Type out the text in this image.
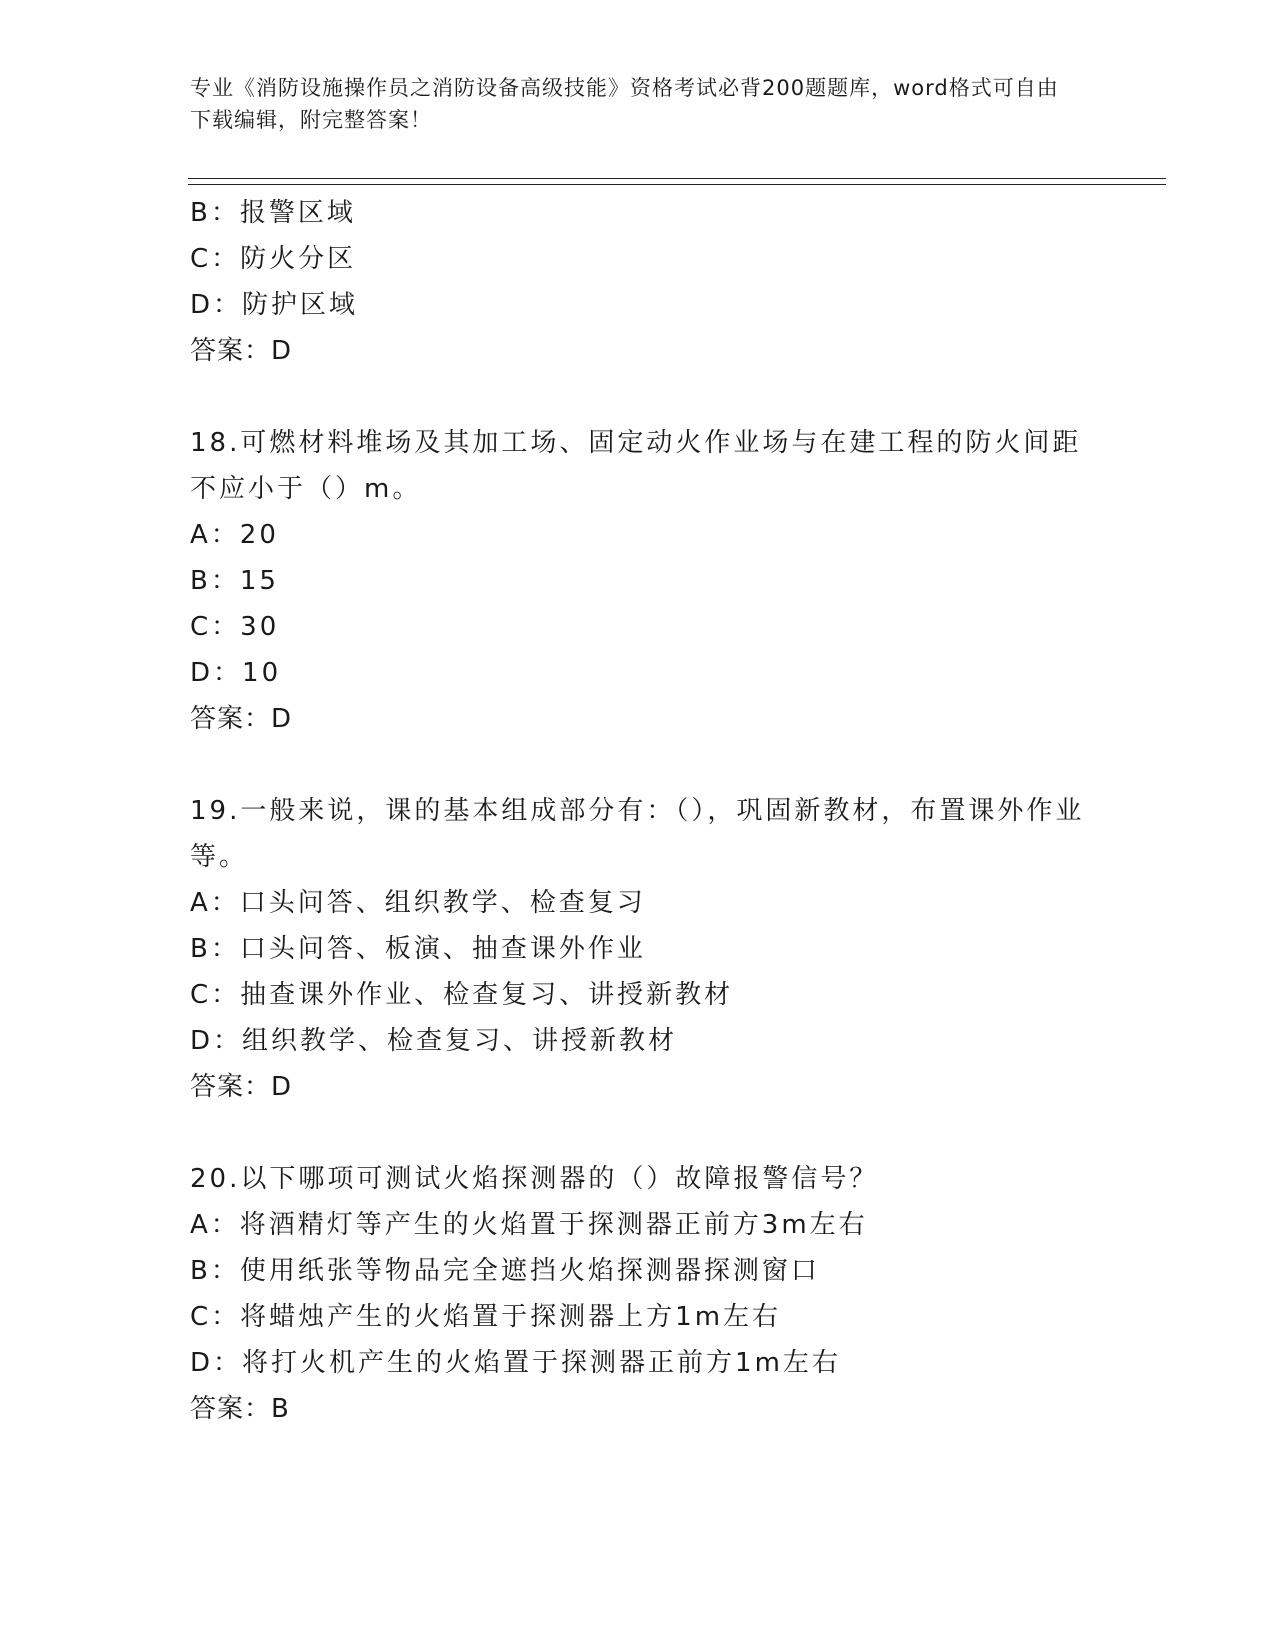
专业《消防设施操作员之消防设备高级技能》资格考试必背200题题库，word格式可自由下载编辑，附完整答案！
B：报警区域
C：防火分区
D：防护区域
答案：D
18.可燃材料堆场及其加工场、固定动火作业场与在建工程的防火间距不应小于（）m。
A：20
B：15
C：30
D：10
答案：D
19.一般来说，课的基本组成部分有：（），巩固新教材，布置课外作业等。
A：口头问答、组织教学、检查复习
B：口头问答、板演、抽查课外作业
C：抽查课外作业、检查复习、讲授新教材
D：组织教学、检查复习、讲授新教材
答案：D
20.以下哪项可测试火焰探测器的（）故障报警信号？
A：将酒精灯等产生的火焰置于探测器正前方3m左右
B：使用纸张等物品完全遮挡火焰探测器探测窗口
C：将蜡烛产生的火焰置于探测器上方1m左右
D：将打火机产生的火焰置于探测器正前方1m左右
答案：B
